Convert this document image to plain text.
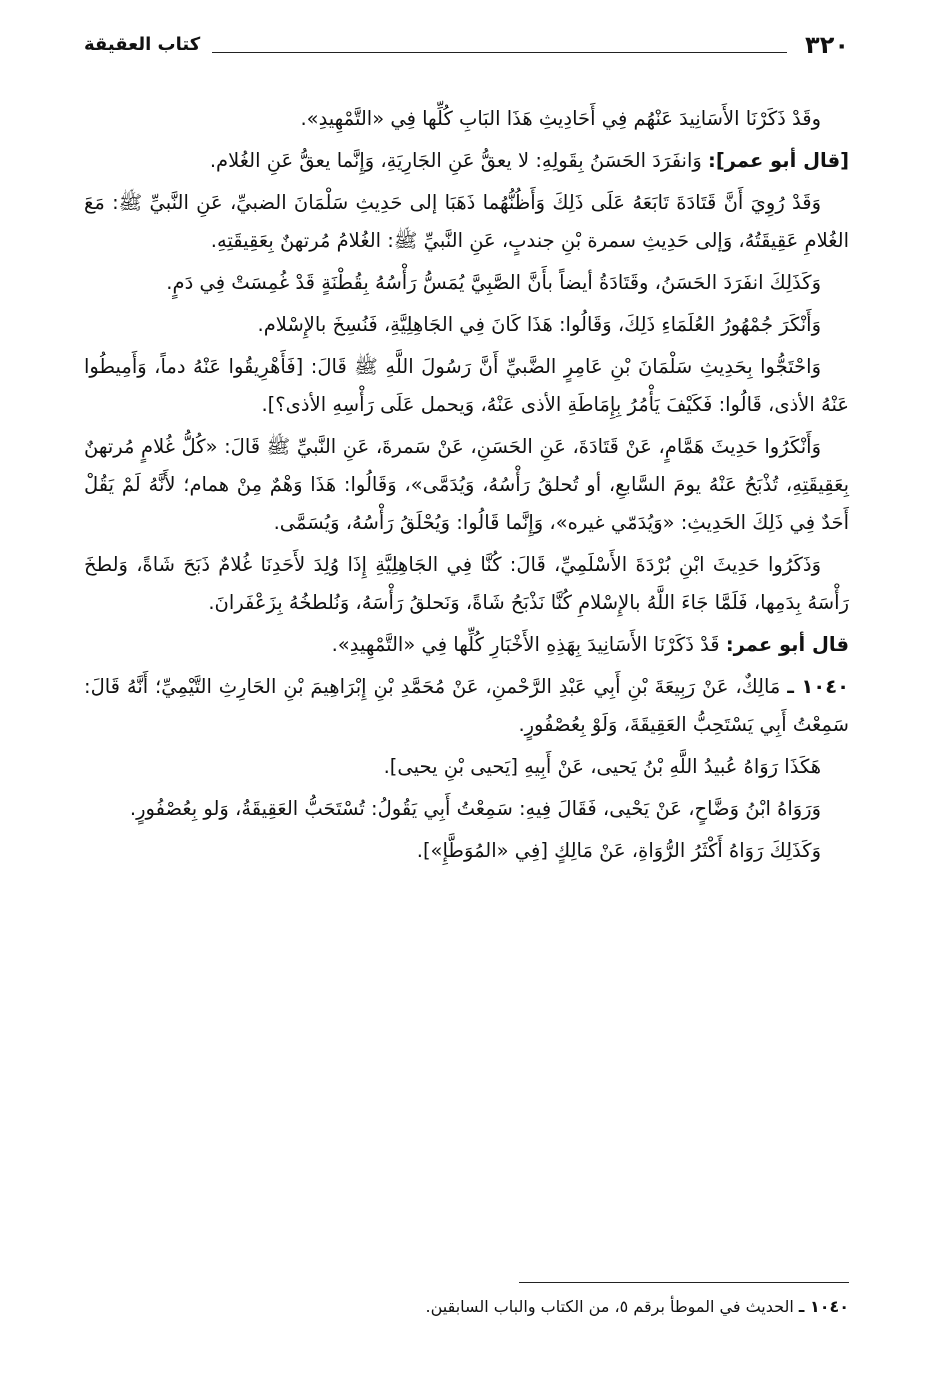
٣٢٠
كتاب العقيقة

وقَدْ ذَكَرْنَا الأَسَانِيدَ عَنْهُم فِي أَحَادِيثِ هَذَا البَابِ كُلِّها فِي «التَّمْهِيدِ».

[قال أبو عمر]: وَانفَرَدَ الحَسَنُ بِقَولِهِ: لا يعقُّ عَنِ الجَارِيَةِ، وَإِنَّما يعقُّ عَنِ الغُلام.

وَقَدْ رُوِيَ أَنَّ قَتَادَةَ تَابَعَهُ عَلَى ذَلِكَ وَأَظُنُّهُما ذَهَبَا إلى حَدِيثِ سَلْمَانَ الضبيِّ، عَنِ النَّبيِّ ﷺ: مَعَ الغُلامِ عَقِيقَتُهُ، وَإلى حَدِيثِ سمرة بْنِ جندبٍ، عَنِ النَّبيِّ ﷺ: الغُلامُ مُرتهنٌ بِعَقِيقَتِهِ.

وَكَذَلِكَ انفَرَدَ الحَسَنُ، وقَتَادَةُ أيضاً بأَنَّ الصَّبِيَّ يُمَسُّ رَأْسُهُ بِقُطْنَةٍ قَدْ غُمِسَتْ فِي دَمٍ.

وَأَنْكَرَ جُمْهُورُ العُلَمَاءِ ذَلِكَ، وَقَالُوا: هَذَا كَانَ فِي الجَاهِلِيَّةِ، فَنُسِخَ بالإِسْلام.

وَاحْتَجُّوا بِحَدِيثِ سَلْمَانَ بْنِ عَامِرٍ الضَّبيِّ أَنَّ رَسُولَ اللَّهِ ﷺ قَالَ: [فَأَهْرِيقُوا عَنْهُ دماً، وَأَمِيطُوا عَنْهُ الأذى، قَالُوا: فَكَيْفَ يَأْمُرُ بِإِمَاطَةِ الأذى عَنْهُ، وَيحمل عَلَى رَأْسِهِ الأذى؟].

وَأَنْكَرُوا حَدِيثَ هَمَّامٍ، عَنْ قَتَادَةَ، عَنِ الحَسَنِ، عَنْ سَمرةَ، عَنِ النَّبيِّ ﷺ قَالَ: «كُلُّ غُلامٍ مُرتهنٌ بِعَقِيقَتِهِ، تُذْبَحُ عَنْهُ يومَ السَّابعِ، أو تُحلقُ رَأْسُهُ، وَيُدَمَّى»، وَقَالُوا: هَذَا وَهْمٌ مِنْ همام؛ لأَنَّهُ لَمْ يَقُلْ أَحَدٌ فِي ذَلِكَ الحَدِيثِ: «وَيُدَمّي غيره»، وَإِنَّما قَالُوا: وَيُحْلَقُ رَأْسُهُ، وَيُسَمَّى.

وَذَكَرُوا حَدِيثَ ابْنِ بُرْدَةَ الأَسْلَمِيِّ، قَالَ: كُنَّا فِي الجَاهِلِيَّةِ إِذَا وُلِدَ لأَحَدِنَا غُلامٌ ذَبَحَ شَاةً، وَلطخَ رَأْسَهُ بِدَمِها، فَلَمَّا جَاءَ اللَّهُ بالإِسْلامِ كُنَّا نَذْبَحُ شَاةً، وَنَحلقُ رَأْسَهُ، وَنُلطخُهُ بِزَعْفَرانَ.

قال أبو عمر: قَدْ ذَكَرْنَا الأَسَانِيدَ بِهَذِهِ الأَخْبَارِ كُلِّها فِي «التَّمْهِيدِ».

١٠٤٠ ـ مَالِكٌ، عَنْ رَبِيعَةَ بْنِ أَبِي عَبْدِ الرَّحْمنِ، عَنْ مُحَمَّدِ بْنِ إِبْرَاهِيمَ بْنِ الحَارِثِ التَّيْمِيِّ؛ أَنَّهُ قَالَ: سَمِعْتُ أَبِي يَسْتَحِبُّ العَقِيقَةَ، وَلَوْ بِعُصْفُورٍ.

هَكَذَا رَوَاهُ عُبيدُ اللَّهِ بْنُ يَحيى، عَنْ أَبِيهِ [يَحيى بْنِ يحيى].

وَرَوَاهُ ابْنُ وَضَّاحٍ، عَنْ يَحْيى، فَقَالَ فِيهِ: سَمِعْتُ أَبِي يَقُولُ: تُسْتَحَبُّ العَقِيقَةُ، وَلو بِعُصْفُورٍ.

وَكَذَلِكَ رَوَاهُ أَكْثَرُ الرُّوَاةِ، عَنْ مَالِكٍ [فِي «المُوَطَّإِ»].

١٠٤٠ ـ الحديث في الموطأ برقم ٥، من الكتاب والباب السابقين.
